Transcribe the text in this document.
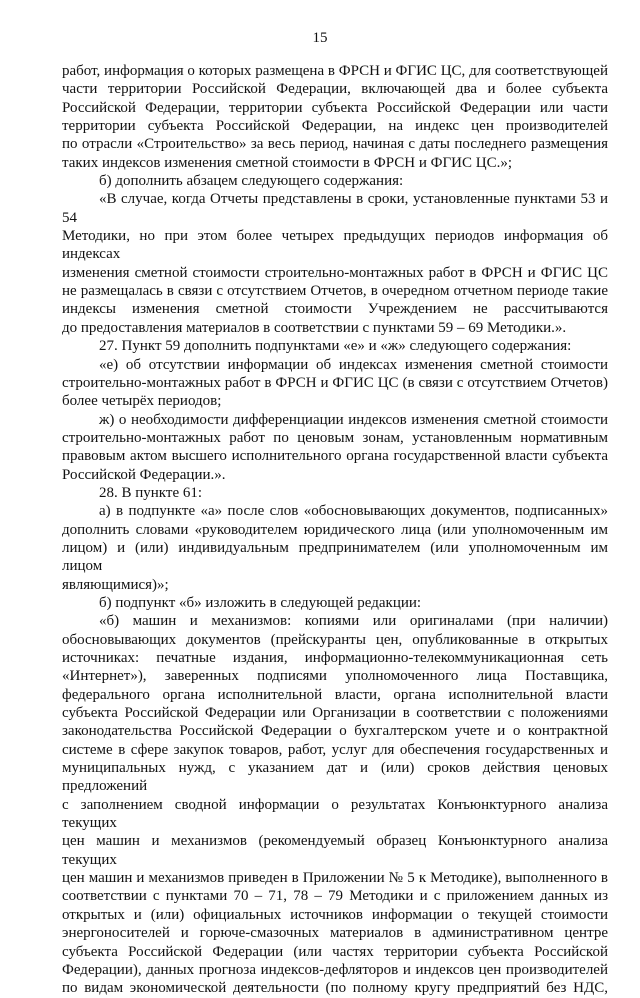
15

работ, информация о которых размещена в ФРСН и ФГИС ЦС, для соответствующей

части территории Российской Федерации, включающей два и более субъекта

Российской Федерации, территории субъекта Российской Федерации или части

территории субъекта Российской Федерации, на индекс цен производителей

по отрасли «Строительство» за весь период, начиная с даты последнего размещения

таких индексов изменения сметной стоимости в ФРСН и ФГИС ЦС.»;

б) дополнить абзацем следующего содержания:

«В случае, когда Отчеты представлены в сроки, установленные пунктами 53 и 54

Методики, но при этом более четырех предыдущих периодов информация об индексах

изменения сметной стоимости строительно-монтажных работ в ФРСН и ФГИС ЦС

не размещалась в связи с отсутствием Отчетов, в очередном отчетном периоде такие

индексы изменения сметной стоимости Учреждением не рассчитываются

до предоставления материалов в соответствии с пунктами 59 – 69 Методики.».

27. Пункт 59 дополнить подпунктами «е» и «ж» следующего содержания:

«е) об отсутствии информации об индексах изменения сметной стоимости

строительно-монтажных работ в ФРСН и ФГИС ЦС (в связи с отсутствием Отчетов)

более четырёх периодов;

ж) о необходимости дифференциации индексов изменения сметной стоимости

строительно-монтажных работ по ценовым зонам, установленным нормативным

правовым актом высшего исполнительного органа государственной власти субъекта

Российской Федерации.».

28. В пункте 61:

а) в подпункте «а» после слов «обосновывающих документов, подписанных»

дополнить словами «руководителем юридического лица (или уполномоченным им

лицом) и (или) индивидуальным предпринимателем (или уполномоченным им лицом

являющимися)»;

б) подпункт «б» изложить в следующей редакции:

«б) машин и механизмов: копиями или оригиналами (при наличии)

обосновывающих документов (прейскуранты цен, опубликованные в открытых

источниках: печатные издания, информационно-телекоммуникационная сеть

«Интернет»), заверенных подписями уполномоченного лица Поставщика,

федерального органа исполнительной власти, органа исполнительной власти

субъекта Российской Федерации или Организации в соответствии с положениями

законодательства Российской Федерации о бухгалтерском учете и о контрактной

системе в сфере закупок товаров, работ, услуг для обеспечения государственных и

муниципальных нужд, с указанием дат и (или) сроков действия ценовых предложений

с заполнением сводной информации о результатах Конъюнктурного анализа текущих

цен машин и механизмов (рекомендуемый образец Конъюнктурного анализа текущих

цен машин и механизмов приведен в Приложении № 5 к Методике), выполненного в

соответствии с пунктами 70 – 71, 78 – 79 Методики и с приложением данных из

открытых и (или) официальных источников информации о текущей стоимости

энергоносителей и горюче-смазочных материалов в административном центре

субъекта Российской Федерации (или частях территории субъекта Российской

Федерации), данных прогноза индексов-дефляторов и индексов цен производителей

по видам экономической деятельности (по полному кругу предприятий без НДС,
